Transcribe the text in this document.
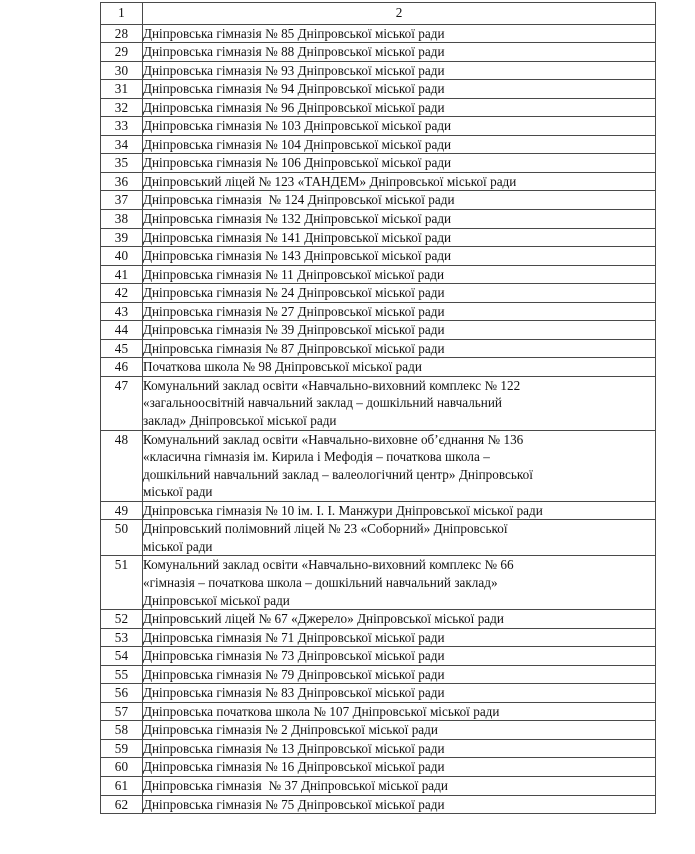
1	2
28	Дніпровська гімназія № 85 Дніпровської міської ради

29	Дніпровська гімназія № 88 Дніпровської міської ради

30	Дніпровська гімназія № 93 Дніпровської міської ради

31	Дніпровська гімназія № 94 Дніпровської міської ради

32	Дніпровська гімназія № 96 Дніпровської міської ради

33	Дніпровська гімназія № 103 Дніпровської міської ради

34	Дніпровська гімназія № 104 Дніпровської міської ради

35	Дніпровська гімназія № 106 Дніпровської міської ради

36	Дніпровський ліцей № 123 «ТАНДЕМ» Дніпровської міської ради

37	Дніпровська гімназія  № 124 Дніпровської міської ради

38	Дніпровська гімназія № 132 Дніпровської міської ради

39	Дніпровська гімназія № 141 Дніпровської міської ради

40	Дніпровська гімназія № 143 Дніпровської міської ради

41	Дніпровська гімназія № 11 Дніпровської міської ради

42	Дніпровська гімназія № 24 Дніпровської міської ради

43	Дніпровська гімназія № 27 Дніпровської міської ради

44	Дніпровська гімназія № 39 Дніпровської міської ради

45	Дніпровська гімназія № 87 Дніпровської міської ради

46	Початкова школа № 98 Дніпровської міської ради

47	Комунальний заклад освіти «Навчально-виховний комплекс № 122
«загальноосвітній навчальний заклад – дошкільний навчальний
заклад» Дніпровської міської ради

48	Комунальний заклад освіти «Навчально-виховне об’єднання № 136
«класична гімназія ім. Кирила і Мефодія – початкова школа –
дошкільний навчальний заклад – валеологічний центр» Дніпровської
міської ради

49	Дніпровська гімназія № 10 ім. І. І. Манжури Дніпровської міської ради

50	Дніпровський полімовний ліцей № 23 «Соборний» Дніпровської
міської ради

51	Комунальний заклад освіти «Навчально-виховний комплекс № 66
«гімназія – початкова школа – дошкільний навчальний заклад»
Дніпровської міської ради

52	Дніпровський ліцей № 67 «Джерело» Дніпровської міської ради

53	Дніпровська гімназія № 71 Дніпровської міської ради

54	Дніпровська гімназія № 73 Дніпровської міської ради

55	Дніпровська гімназія № 79 Дніпровської міської ради

56	Дніпровська гімназія № 83 Дніпровської міської ради

57	Дніпровська початкова школа № 107 Дніпровської міської ради

58	Дніпровська гімназія № 2 Дніпровської міської ради

59	Дніпровська гімназія № 13 Дніпровської міської ради

60	Дніпровська гімназія № 16 Дніпровської міської ради

61	Дніпровська гімназія  № 37 Дніпровської міської ради

62	Дніпровська гімназія № 75 Дніпровської міської ради
